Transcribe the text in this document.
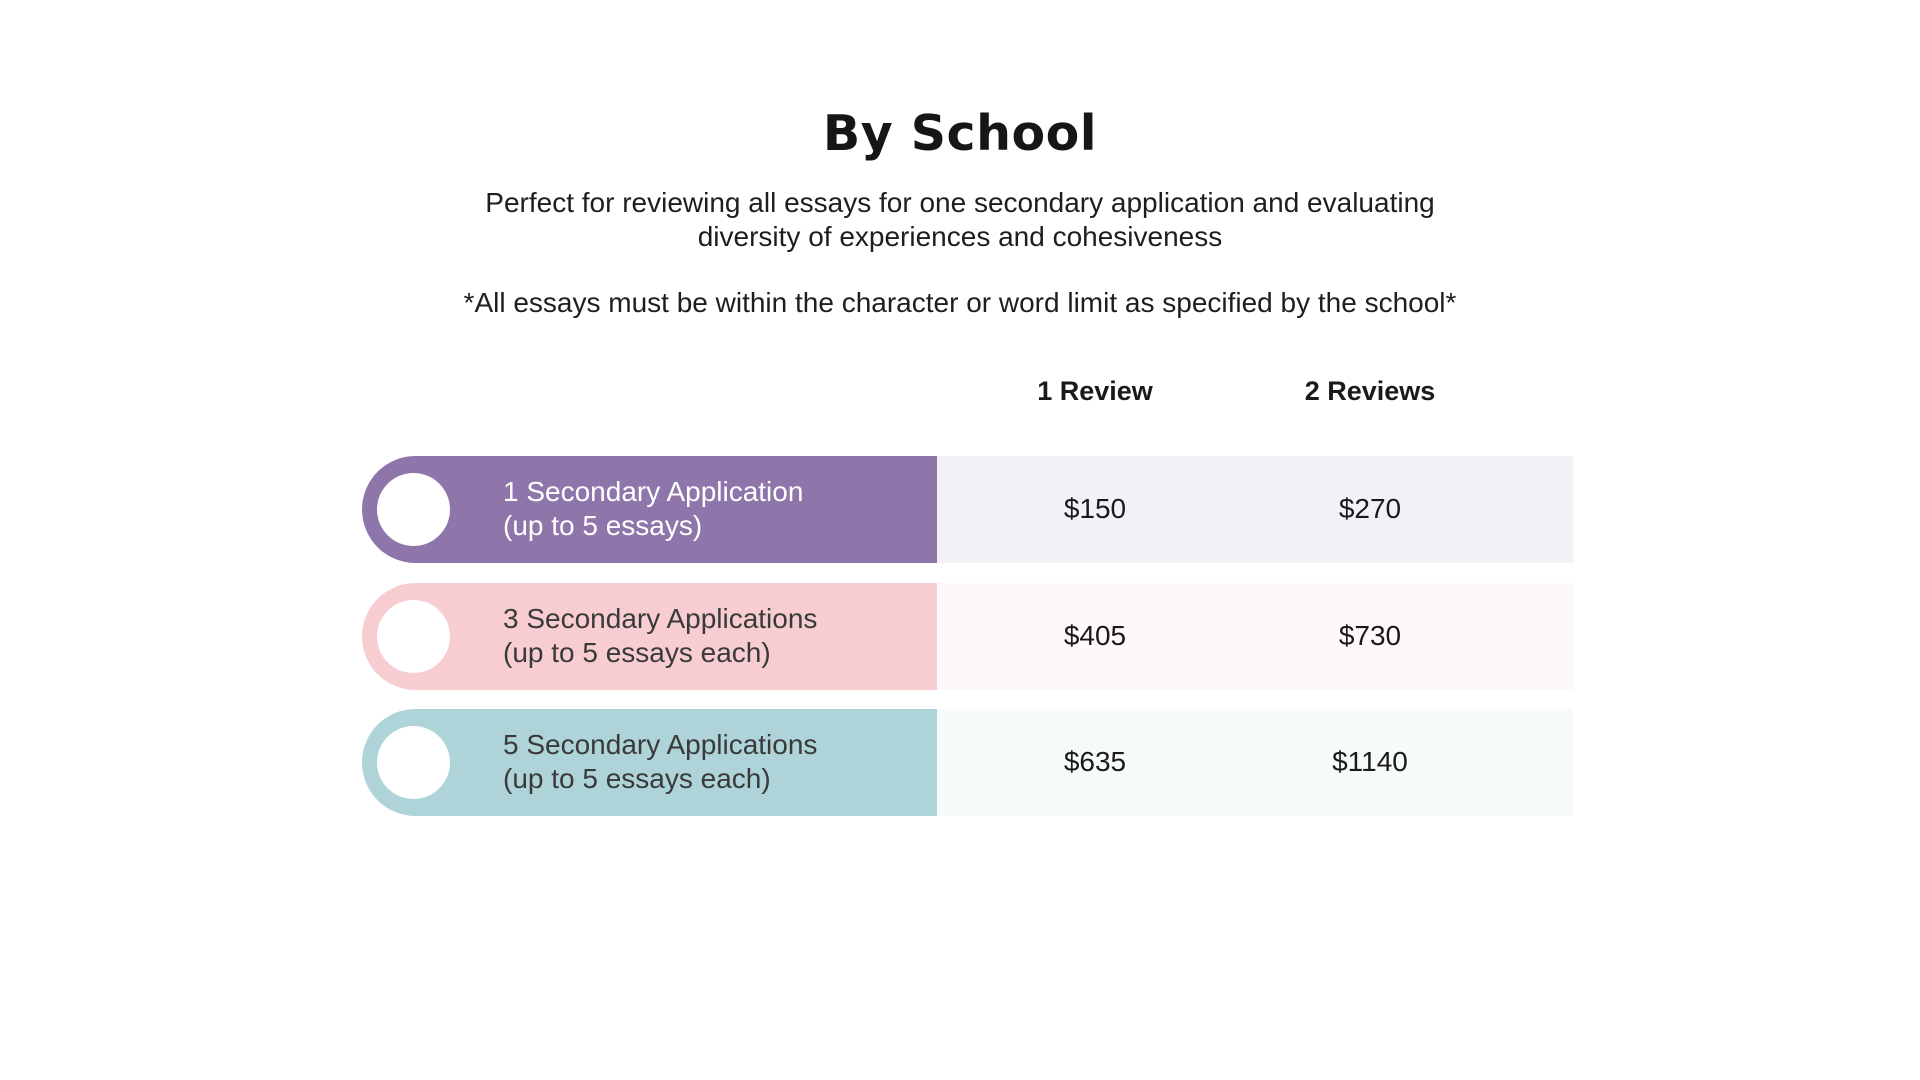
By School
Perfect for reviewing all essays for one secondary application and evaluating diversity of experiences and cohesiveness
*All essays must be within the character or word limit as specified by the school*
1 Review	2 Reviews
1 Secondary Application
(up to 5 essays)
$150	$270
3 Secondary Applications
(up to 5 essays each)
$405	$730
5 Secondary Applications
(up to 5 essays each)
$635	$1140
